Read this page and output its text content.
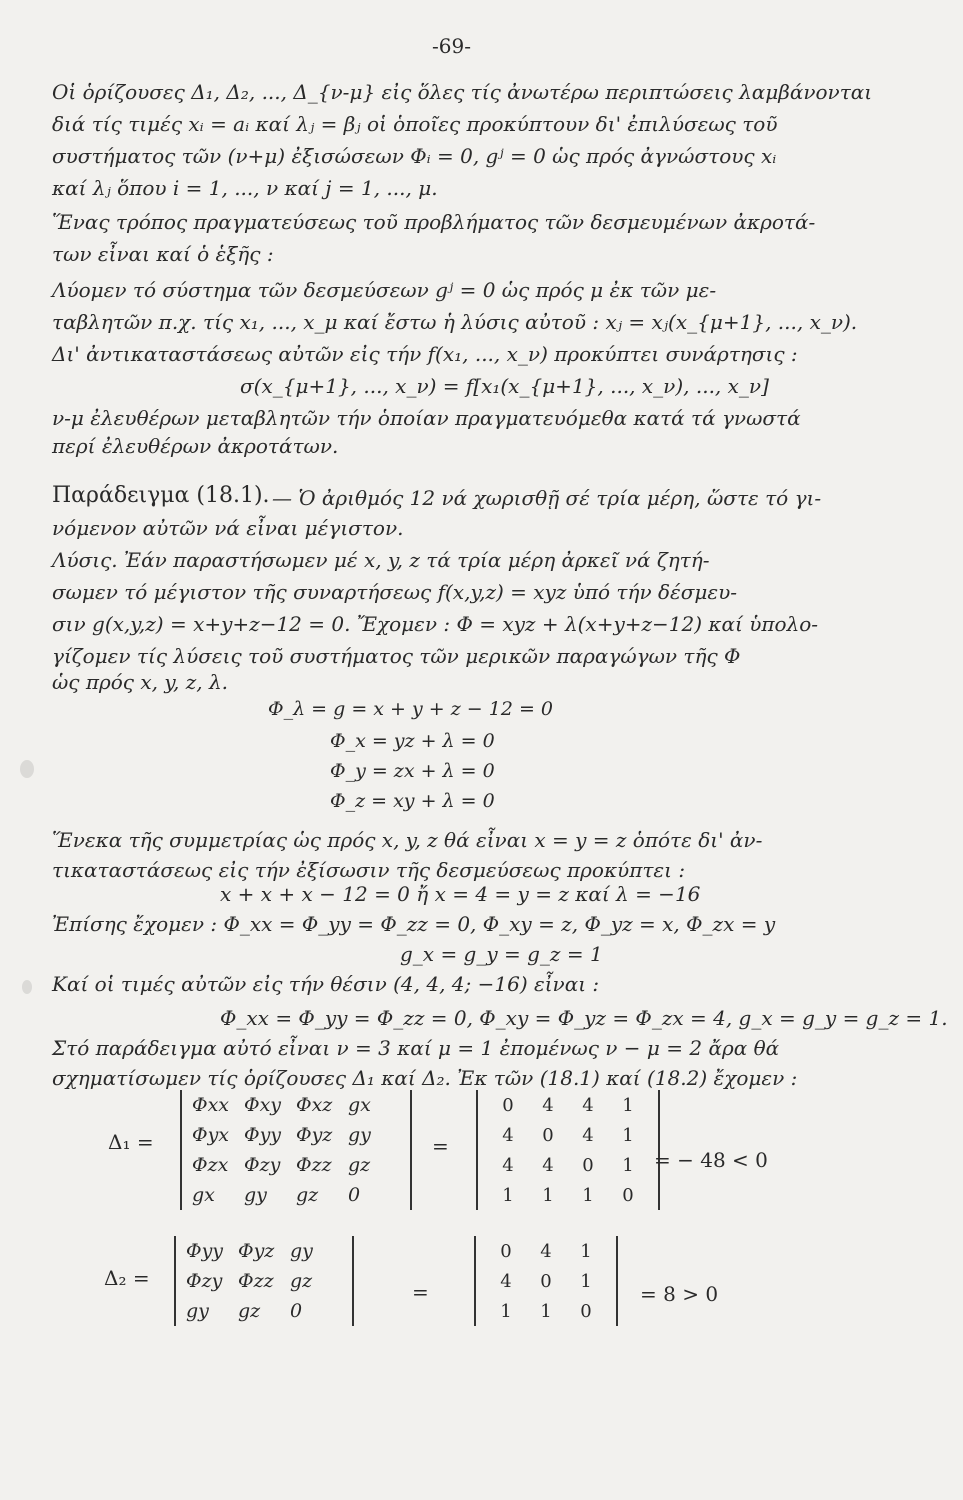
-69-
Οἱ ὁρίζουσες Δ₁, Δ₂, ..., Δ_{ν-μ} εἰς ὅλες τίς ἀνωτέρω περιπτώσεις λαμβάνονται
διά τίς τιμές xᵢ = aᵢ καί λⱼ = βⱼ οἱ ὁποῖες προκύπτουν δι' ἐπιλύσεως τοῦ
συστήματος τῶν (ν+μ) ἐξισώσεων Φᵢ = 0, gʲ = 0 ὡς πρός ἀγνώστους xᵢ
καί λⱼ ὅπου i = 1, ..., ν καί j = 1, ..., μ.
Ἕνας τρόπος πραγματεύσεως τοῦ προβλήματος τῶν δεσμευμένων ἀκροτά-
των εἶναι καί ὁ ἑξῆς :
Λύομεν τό σύστημα τῶν δεσμεύσεων gʲ = 0 ὡς πρός μ ἐκ τῶν με-
ταβλητῶν π.χ. τίς x₁, ..., x_μ καί ἔστω ἡ λύσις αὐτοῦ : xⱼ = xⱼ(x_{μ+1}, ..., x_ν).
Δι' ἀντικαταστάσεως αὐτῶν εἰς τήν f(x₁, ..., x_ν) προκύπτει συνάρτησις :
σ(x_{μ+1}, ..., x_ν) = f[x₁(x_{μ+1}, ..., x_ν), ..., x_ν]
ν-μ ἐλευθέρων μεταβλητῶν τήν ὁποίαν πραγματευόμεθα κατά τά γνωστά
περί ἐλευθέρων ἀκροτάτων.
Παράδειγμα (18.1). — Ὁ ἀριθμός 12 νά χωρισθῇ σέ τρία μέρη, ὥστε τό γι-
νόμενον αὐτῶν νά εἶναι μέγιστον.
Λύσις. Ἐάν παραστήσωμεν μέ x, y, z τά τρία μέρη ἀρκεῖ νά ζητή-
σωμεν τό μέγιστον τῆς συναρτήσεως f(x,y,z) = xyz ὑπό τήν δέσμευ-
σιν g(x,y,z) = x+y+z−12 = 0. Ἔχομεν : Φ = xyz + λ(x+y+z−12) καί ὑπολο-
γίζομεν τίς λύσεις τοῦ συστήματος τῶν μερικῶν παραγώγων τῆς Φ
ὡς πρός x, y, z, λ.
Φ_λ = g = x + y + z − 12 = 0
Φ_x = yz + λ = 0
Φ_y = zx + λ = 0
Φ_z = xy + λ = 0
Ἕνεκα τῆς συμμετρίας ὡς πρός x, y, z θά εἶναι x = y = z ὁπότε δι' ἀν-
τικαταστάσεως εἰς τήν ἐξίσωσιν τῆς δεσμεύσεως προκύπτει :
x + x + x − 12 = 0 ἤ x = 4 = y = z καί λ = −16
Ἐπίσης ἔχομεν : Φ_xx = Φ_yy = Φ_zz = 0, Φ_xy = z, Φ_yz = x, Φ_zx = y
g_x = g_y = g_z = 1
Καί οἱ τιμές αὐτῶν εἰς τήν θέσιν (4, 4, 4; −16) εἶναι :
Φ_xx = Φ_yy = Φ_zz = 0, Φ_xy = Φ_yz = Φ_zx = 4, g_x = g_y = g_z = 1.
Στό παράδειγμα αὐτό εἶναι ν = 3 καί μ = 1 ἐπομένως ν − μ = 2 ἄρα θά
σχηματίσωμεν τίς ὁρίζουσες Δ₁ καί Δ₂. Ἐκ τῶν (18.1) καί (18.2) ἔχομεν :
Δ₁ =
Φxx Φxy Φxz gx
Φyx Φyy Φyz gy
Φzx Φzy Φzz gz
gx	gy	gz	0
=
0	4	4	1
4	0	4	1
4	4	0	1
1	1	1	0
= − 48 < 0
Δ₂ =
Φyy Φyz gy
Φzy Φzz gz
gy	gz	0
=
0	4	1
4	0	1
1	1	0
= 8 > 0
